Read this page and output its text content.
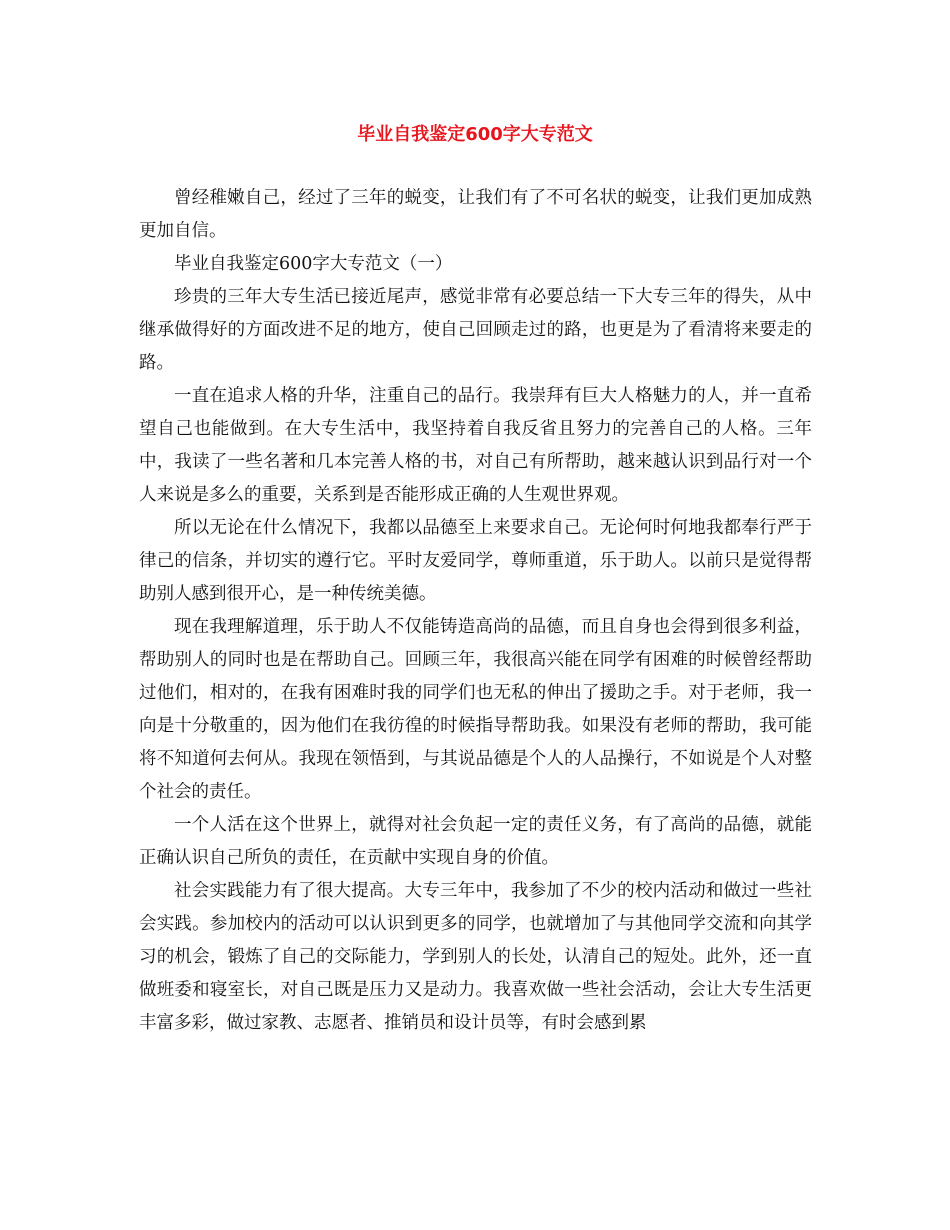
毕业自我鉴定600字大专范文

曾经稚嫩自己，经过了三年的蜕变，让我们有了不可名状的蜕变，让我们更加成熟更加自信。

毕业自我鉴定600字大专范文（一）

珍贵的三年大专生活已接近尾声，感觉非常有必要总结一下大专三年的得失，从中继承做得好的方面改进不足的地方，使自己回顾走过的路，也更是为了看清将来要走的路。

一直在追求人格的升华，注重自己的品行。我崇拜有巨大人格魅力的人，并一直希望自己也能做到。在大专生活中，我坚持着自我反省且努力的完善自己的人格。三年中，我读了一些名著和几本完善人格的书，对自己有所帮助，越来越认识到品行对一个人来说是多么的重要，关系到是否能形成正确的人生观世界观。

所以无论在什么情况下，我都以品德至上来要求自己。无论何时何地我都奉行严于律己的信条，并切实的遵行它。平时友爱同学，尊师重道，乐于助人。以前只是觉得帮助别人感到很开心，是一种传统美德。

现在我理解道理，乐于助人不仅能铸造高尚的品德，而且自身也会得到很多利益，帮助别人的同时也是在帮助自己。回顾三年，我很高兴能在同学有困难的时候曾经帮助过他们，相对的，在我有困难时我的同学们也无私的伸出了援助之手。对于老师，我一向是十分敬重的，因为他们在我彷徨的时候指导帮助我。如果没有老师的帮助，我可能将不知道何去何从。我现在领悟到，与其说品德是个人的人品操行，不如说是个人对整个社会的责任。

一个人活在这个世界上，就得对社会负起一定的责任义务，有了高尚的品德，就能正确认识自己所负的责任，在贡献中实现自身的价值。

社会实践能力有了很大提高。大专三年中，我参加了不少的校内活动和做过一些社会实践。参加校内的活动可以认识到更多的同学，也就增加了与其他同学交流和向其学习的机会，锻炼了自己的交际能力，学到别人的长处，认清自己的短处。此外，还一直做班委和寝室长，对自己既是压力又是动力。我喜欢做一些社会活动，会让大专生活更丰富多彩，做过家教、志愿者、推销员和设计员等，有时会感到累
